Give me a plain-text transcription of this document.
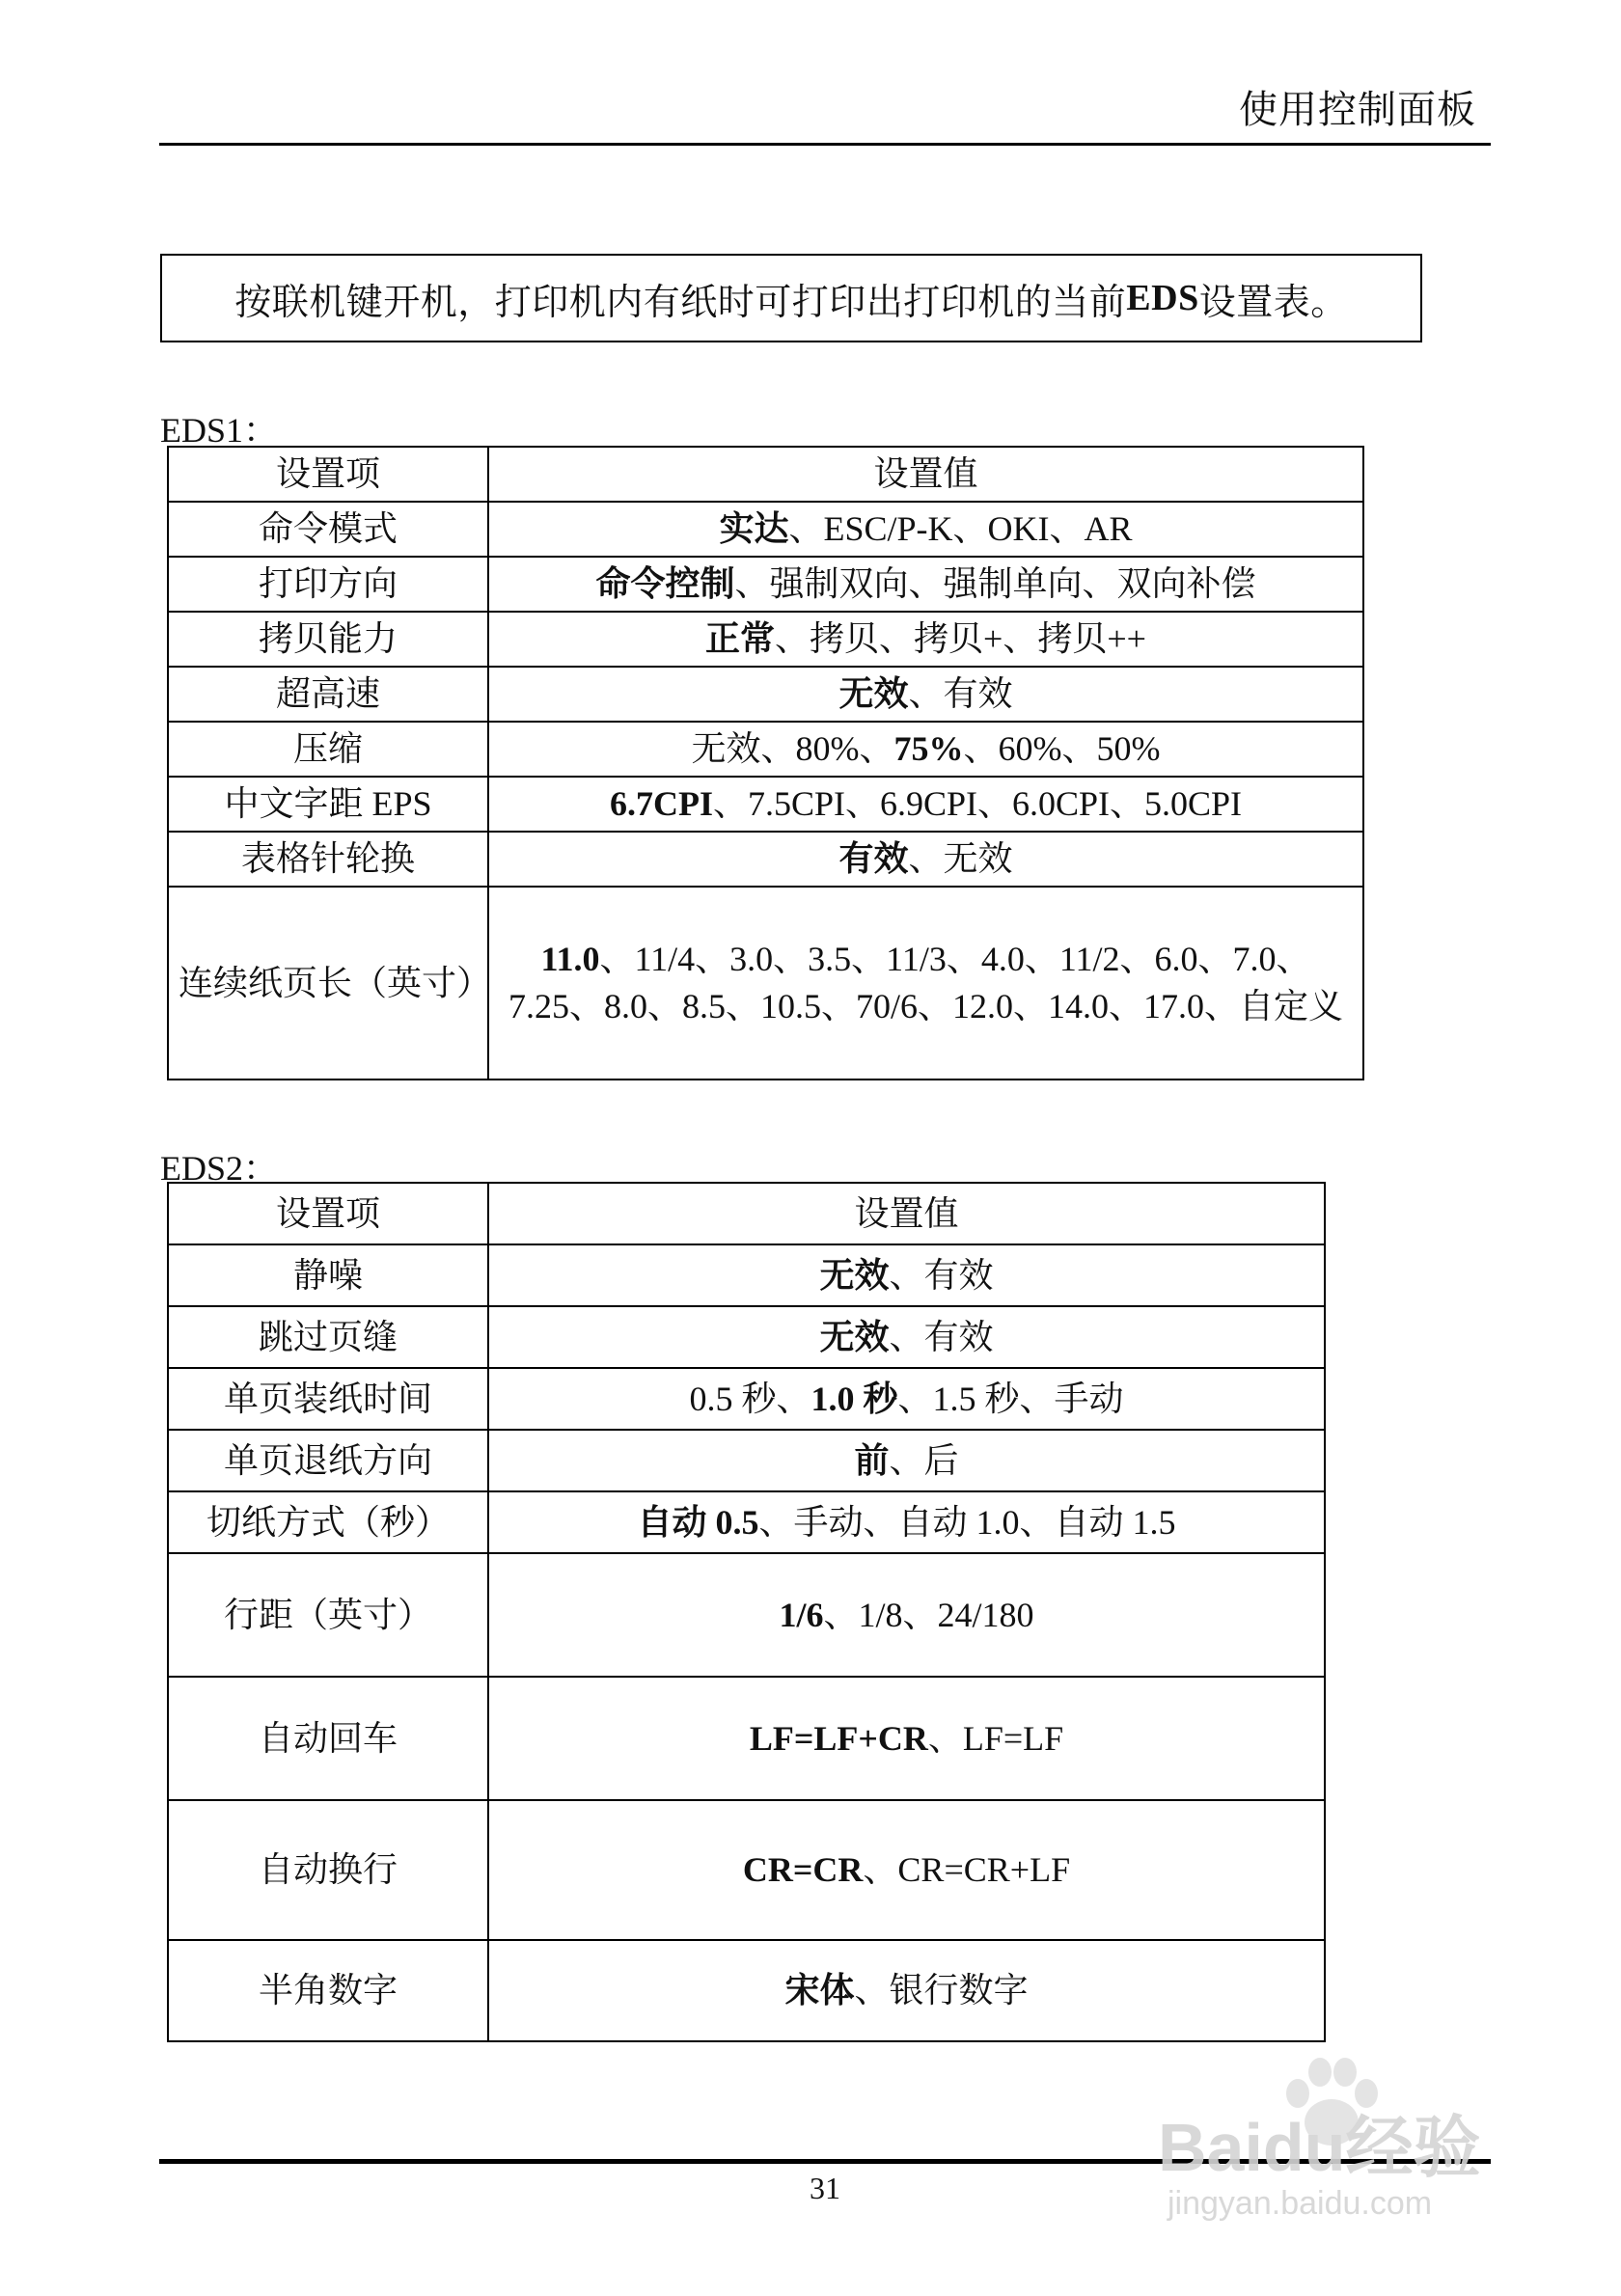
使用控制面板
按联机键开机，打印机内有纸时可打印出打印机的当前 EDS 设置表。
EDS1：
设置项	设置值
命令模式	实达、ESC/P-K、OKI、AR
打印方向	命令控制、强制双向、强制单向、双向补偿
拷贝能力	正常、拷贝、拷贝+、拷贝++
超高速	无效、有效
压缩	无效、80%、75%、60%、50%
中文字距 EPS	6.7CPI、7.5CPI、6.9CPI、6.0CPI、5.0CPI
表格针轮换	有效、无效
连续纸页长（英寸）	11.0、11/4、3.0、3.5、11/3、4.0、11/2、6.0、7.0、7.25、8.0、8.5、10.5、70/6、12.0、14.0、17.0、自定义
EDS2：
设置项	设置值
静噪	无效、有效
跳过页缝	无效、有效
单页装纸时间	0.5 秒、1.0 秒、1.5 秒、手动
单页退纸方向	前、后
切纸方式（秒）	自动 0.5、手动、自动 1.0、自动 1.5
行距（英寸）	1/6、1/8、24/180
自动回车	LF=LF+CR、LF=LF
自动换行	CR=CR、CR=CR+LF
半角数字	宋体、银行数字
31
Baidu经验
jingyan.baidu.com
